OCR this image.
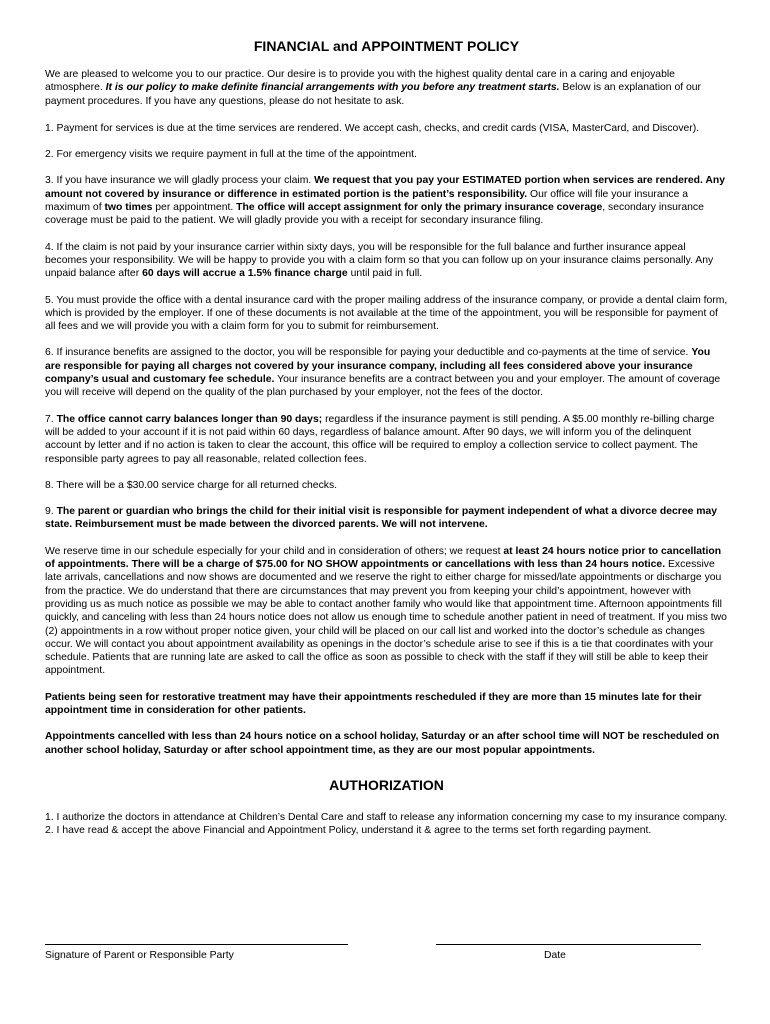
FINANCIAL and APPOINTMENT POLICY

We are pleased to welcome you to our practice. Our desire is to provide you with the highest quality dental care in a caring and enjoyable atmosphere. It is our policy to make definite financial arrangements with you before any treatment starts. Below is an explanation of our payment procedures. If you have any questions, please do not hesitate to ask.

1. Payment for services is due at the time services are rendered. We accept cash, checks, and credit cards (VISA, MasterCard, and Discover).

2. For emergency visits we require payment in full at the time of the appointment.

3. If you have insurance we will gladly process your claim. We request that you pay your ESTIMATED portion when services are rendered. Any amount not covered by insurance or difference in estimated portion is the patient’s responsibility. Our office will file your insurance a maximum of two times per appointment. The office will accept assignment for only the primary insurance coverage, secondary insurance coverage must be paid to the patient. We will gladly provide you with a receipt for secondary insurance filing.

4. If the claim is not paid by your insurance carrier within sixty days, you will be responsible for the full balance and further insurance appeal becomes your responsibility. We will be happy to provide you with a claim form so that you can follow up on your insurance claims personally. Any unpaid balance after 60 days will accrue a 1.5% finance charge until paid in full.

5. You must provide the office with a dental insurance card with the proper mailing address of the insurance company, or provide a dental claim form, which is provided by the employer. If one of these documents is not available at the time of the appointment, you will be responsible for payment of all fees and we will provide you with a claim form for you to submit for reimbursement.

6. If insurance benefits are assigned to the doctor, you will be responsible for paying your deductible and co-payments at the time of service. You are responsible for paying all charges not covered by your insurance company, including all fees considered above your insurance company’s usual and customary fee schedule. Your insurance benefits are a contract between you and your employer. The amount of coverage you will receive will depend on the quality of the plan purchased by your employer, not the fees of the doctor.

7. The office cannot carry balances longer than 90 days; regardless if the insurance payment is still pending. A $5.00 monthly re-billing charge will be added to your account if it is not paid within 60 days, regardless of balance amount. After 90 days, we will inform you of the delinquent account by letter and if no action is taken to clear the account, this office will be required to employ a collection service to collect payment. The responsible party agrees to pay all reasonable, related collection fees.

8. There will be a $30.00 service charge for all returned checks.

9. The parent or guardian who brings the child for their initial visit is responsible for payment independent of what a divorce decree may state. Reimbursement must be made between the divorced parents. We will not intervene.

We reserve time in our schedule especially for your child and in consideration of others; we request at least 24 hours notice prior to cancellation of appointments. There will be a charge of $75.00 for NO SHOW appointments or cancellations with less than 24 hours notice. Excessive late arrivals, cancellations and now shows are documented and we reserve the right to either charge for missed/late appointments or discharge you from the practice. We do understand that there are circumstances that may prevent you from keeping your child’s appointment, however with providing us as much notice as possible we may be able to contact another family who would like that appointment time. Afternoon appointments fill quickly, and canceling with less than 24 hours notice does not allow us enough time to schedule another patient in need of treatment. If you miss two (2) appointments in a row without proper notice given, your child will be placed on our call list and worked into the doctor’s schedule as changes occur. We will contact you about appointment availability as openings in the doctor’s schedule arise to see if this is a tie that coordinates with your schedule. Patients that are running late are asked to call the office as soon as possible to check with the staff if they will still be able to keep their appointment.

Patients being seen for restorative treatment may have their appointments rescheduled if they are more than 15 minutes late for their appointment time in consideration for other patients.

Appointments cancelled with less than 24 hours notice on a school holiday, Saturday or an after school time will NOT be rescheduled on another school holiday, Saturday or after school appointment time, as they are our most popular appointments.

AUTHORIZATION

1. I authorize the doctors in attendance at Children’s Dental Care and staff to release any information concerning my case to my insurance company.

2. I have read & accept the above Financial and Appointment Policy, understand it & agree to the terms set forth regarding payment.

Signature of Parent or Responsible Party	Date
